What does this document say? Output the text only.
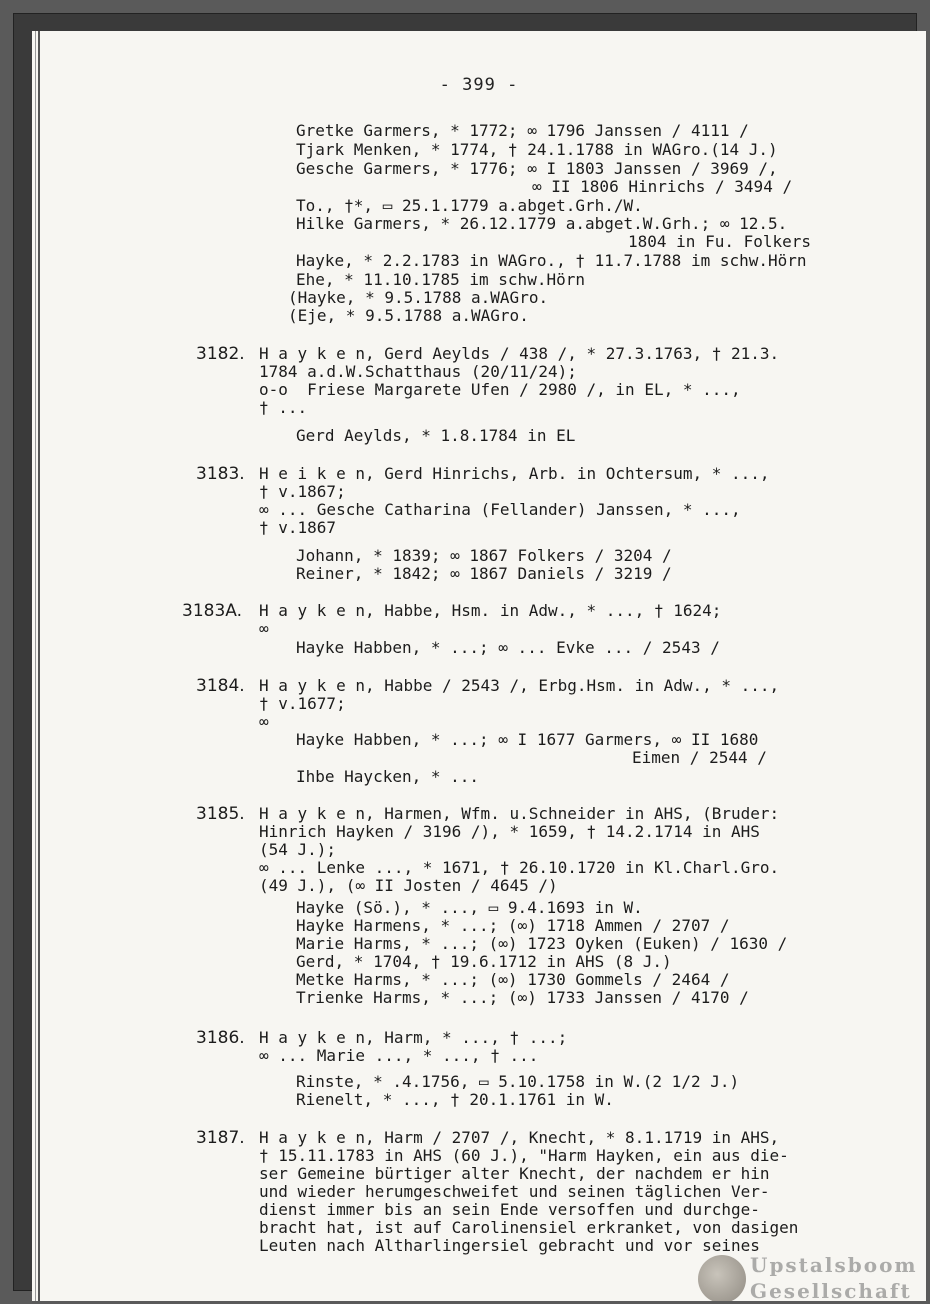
- 399 -
Gretke Garmers, * 1772; ∞ 1796 Janssen / 4111 /
Tjark Menken, * 1774, † 24.1.1788 in WAGro.(14 J.)
Gesche Garmers, * 1776; ∞ I 1803 Janssen / 3969 /,
∞ II 1806 Hinrichs / 3494 /
To., †*, ▭ 25.1.1779 a.abget.Grh./W.
Hilke Garmers, * 26.12.1779 a.abget.W.Grh.; ∞ 12.5.
1804 in Fu. Folkers
Hayke, * 2.2.1783 in WAGro., † 11.7.1788 im schw.Hörn
Ehe, * 11.10.1785 im schw.Hörn
(Hayke, * 9.5.1788 a.WAGro.
(Eje, * 9.5.1788 a.WAGro.
3182. H a y k e n, Gerd Aeylds / 438 /, * 27.3.1763, † 21.3.
1784 a.d.W.Schatthaus (20/11/24);
o-o  Friese Margarete Ufen / 2980 /, in EL, * ...,
† ...
Gerd Aeylds, * 1.8.1784 in EL
3183. H e i k e n, Gerd Hinrichs, Arb. in Ochtersum, * ...,
† v.1867;
∞ ... Gesche Catharina (Fellander) Janssen, * ...,
† v.1867
Johann, * 1839; ∞ 1867 Folkers / 3204 /
Reiner, * 1842; ∞ 1867 Daniels / 3219 /
3183A. H a y k e n, Habbe, Hsm. in Adw., * ..., † 1624;
∞
Hayke Habben, * ...; ∞ ... Evke ... / 2543 /
3184. H a y k e n, Habbe / 2543 /, Erbg.Hsm. in Adw., * ...,
† v.1677;
∞
Hayke Habben, * ...; ∞ I 1677 Garmers, ∞ II 1680
Eimen / 2544 /
Ihbe Haycken, * ...
3185. H a y k e n, Harmen, Wfm. u.Schneider in AHS, (Bruder:
Hinrich Hayken / 3196 /), * 1659, † 14.2.1714 in AHS
(54 J.);
∞ ... Lenke ..., * 1671, † 26.10.1720 in Kl.Charl.Gro.
(49 J.), (∞ II Josten / 4645 /)
Hayke (Sö.), * ..., ▭ 9.4.1693 in W.
Hayke Harmens, * ...; (∞) 1718 Ammen / 2707 /
Marie Harms, * ...; (∞) 1723 Oyken (Euken) / 1630 /
Gerd, * 1704, † 19.6.1712 in AHS (8 J.)
Metke Harms, * ...; (∞) 1730 Gommels / 2464 /
Trienke Harms, * ...; (∞) 1733 Janssen / 4170 /
3186. H a y k e n, Harm, * ..., † ...;
∞ ... Marie ..., * ..., † ...
Rinste, * .4.1756, ▭ 5.10.1758 in W.(2 1/2 J.)
Rienelt, * ..., † 20.1.1761 in W.
3187. H a y k e n, Harm / 2707 /, Knecht, * 8.1.1719 in AHS,
† 15.11.1783 in AHS (60 J.), "Harm Hayken, ein aus die-
ser Gemeine bürtiger alter Knecht, der nachdem er hin
und wieder herumgeschweifet und seinen täglichen Ver-
dienst immer bis an sein Ende versoffen und durchge-
bracht hat, ist auf Carolinensiel erkranket, von dasigen
Leuten nach Altharlingersiel gebracht und vor seines
Upstalsboom
Gesellschaft
